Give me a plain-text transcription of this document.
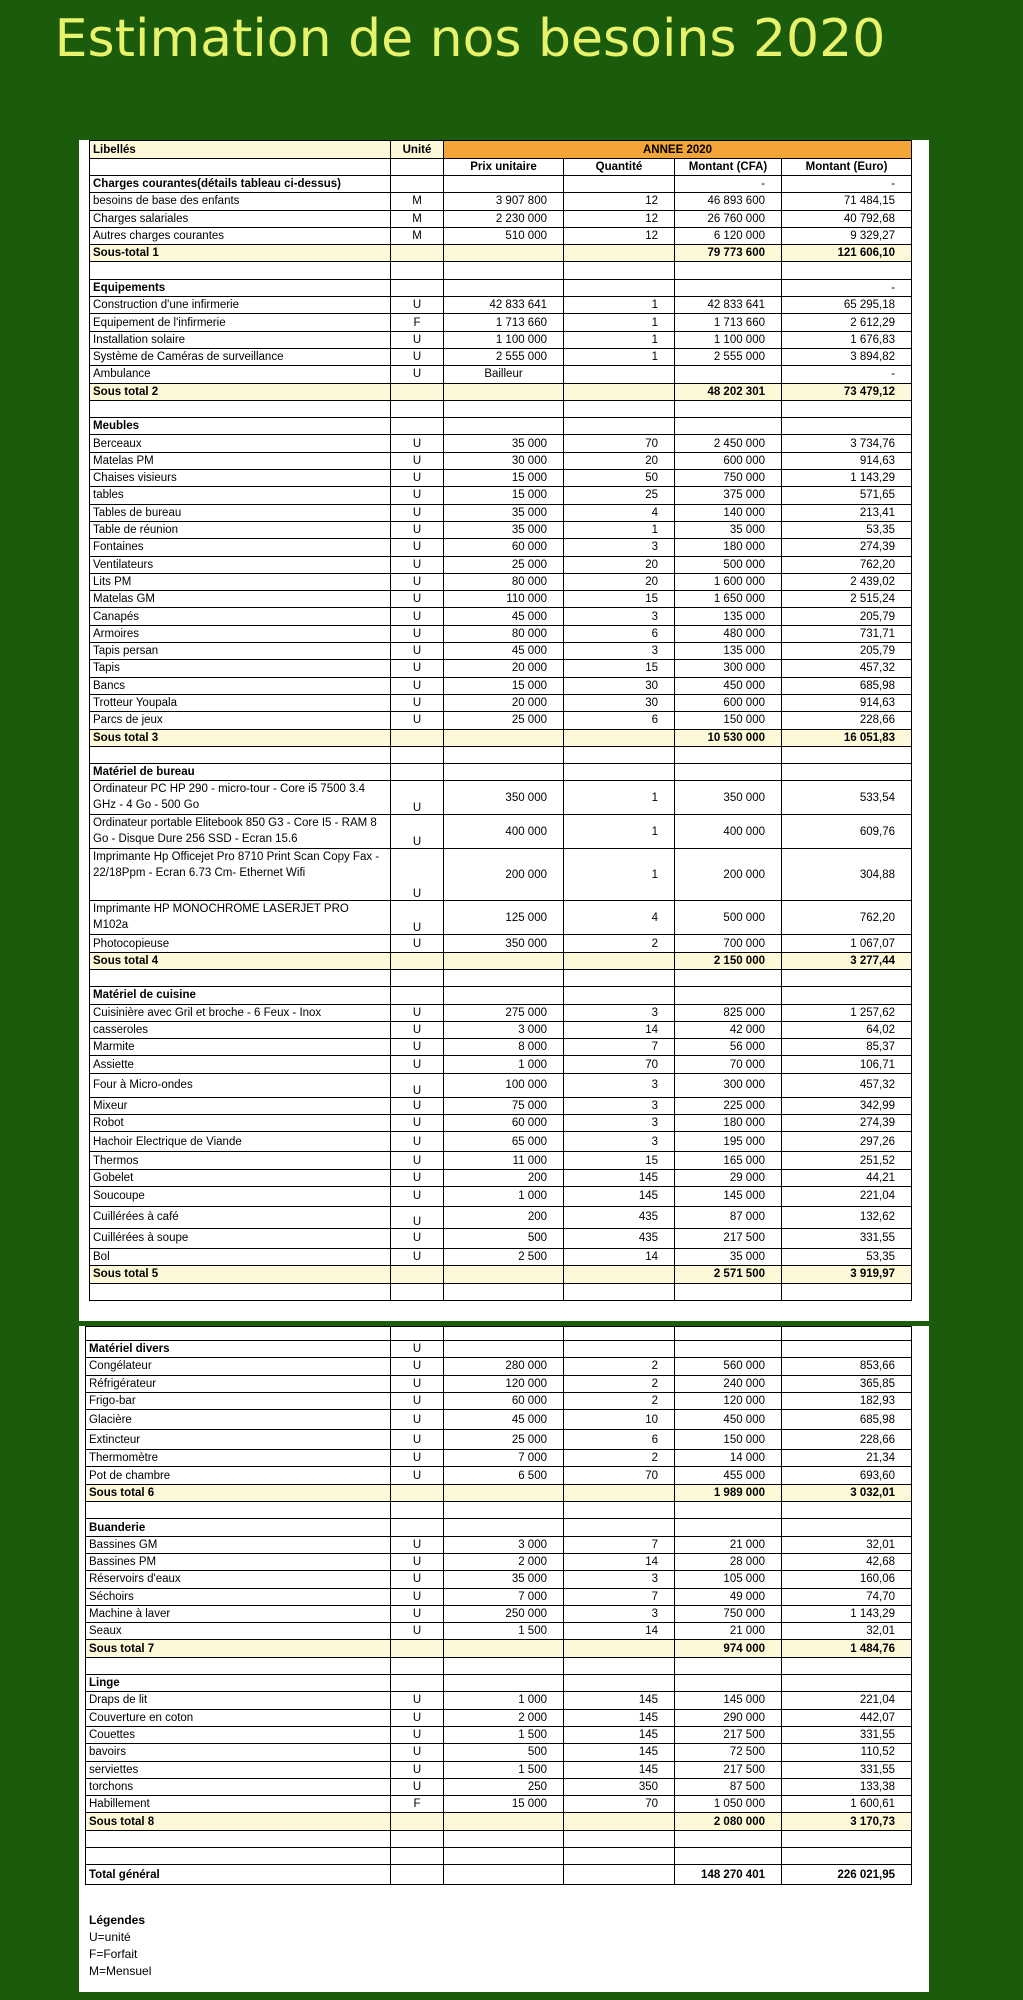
Estimation de nos besoins 2020
Libellés	Unité	ANNEE 2020			
		Prix unitaire	Quantité	Montant (CFA)	Montant (Euro)
Charges courantes(détails tableau ci-dessus)				-	-
besoins de base des enfants	M	3 907 800	12	46 893 600	71 484,15
Charges salariales	M	2 230 000	12	26 760 000	40 792,68
Autres charges courantes	M	510 000	12	6 120 000	9 329,27
Sous-total 1				79 773 600	121 606,10

Equipements					-
Construction d'une infirmerie	U	42 833 641	1	42 833 641	65 295,18
Equipement de l'infirmerie	F	1 713 660	1	1 713 660	2 612,29
Installation solaire	U	1 100 000	1	1 100 000	1 676,83
Système de Caméras de surveillance	U	2 555 000	1	2 555 000	3 894,82
Ambulance	U	Bailleur			-
Sous total 2				48 202 301	73 479,12

Meubles					
Berceaux	U	35 000	70	2 450 000	3 734,76
Matelas PM	U	30 000	20	600 000	914,63
Chaises visieurs	U	15 000	50	750 000	1 143,29
tables	U	15 000	25	375 000	571,65
Tables de bureau	U	35 000	4	140 000	213,41
Table de réunion	U	35 000	1	35 000	53,35
Fontaines	U	60 000	3	180 000	274,39
Ventilateurs	U	25 000	20	500 000	762,20
Lits PM	U	80 000	20	1 600 000	2 439,02
Matelas GM	U	110 000	15	1 650 000	2 515,24
Canapés	U	45 000	3	135 000	205,79
Armoires	U	80 000	6	480 000	731,71
Tapis persan	U	45 000	3	135 000	205,79
Tapis	U	20 000	15	300 000	457,32
Bancs	U	15 000	30	450 000	685,98
Trotteur Youpala	U	20 000	30	600 000	914,63
Parcs de jeux	U	25 000	6	150 000	228,66
Sous total 3				10 530 000	16 051,83

Matériel de bureau					
Ordinateur PC HP 290 - micro-tour - Core i5 7500 3.4 GHz - 4 Go - 500 Go	U	350 000	1	350 000	533,54
Ordinateur portable Elitebook 850 G3 - Core I5 - RAM 8 Go - Disque Dure 256 SSD - Ecran 15.6	U	400 000	1	400 000	609,76
Imprimante Hp Officejet Pro 8710 Print Scan Copy Fax - 22/18Ppm - Ecran 6.73 Cm- Ethernet Wifi	U	200 000	1	200 000	304,88
Imprimante HP MONOCHROME LASERJET PRO M102a	U	125 000	4	500 000	762,20
Photocopieuse	U	350 000	2	700 000	1 067,07
Sous total 4				2 150 000	3 277,44

Matériel de cuisine					
Cuisinière avec Gril et broche - 6 Feux - Inox	U	275 000	3	825 000	1 257,62
casseroles	U	3 000	14	42 000	64,02
Marmite	U	8 000	7	56 000	85,37
Assiette	U	1 000	70	70 000	106,71
Four à Micro-ondes	U	100 000	3	300 000	457,32
Mixeur	U	75 000	3	225 000	342,99
Robot	U	60 000	3	180 000	274,39
Hachoir Electrique de Viande	U	65 000	3	195 000	297,26
Thermos	U	11 000	15	165 000	251,52
Gobelet	U	200	145	29 000	44,21
Soucoupe	U	1 000	145	145 000	221,04
Cuillérées à café	U	200	435	87 000	132,62
Cuillérées à soupe	U	500	435	217 500	331,55
Bol	U	2 500	14	35 000	53,35
Sous total 5				2 571 500	3 919,97

Matériel divers	U				
Congélateur	U	280 000	2	560 000	853,66
Réfrigérateur	U	120 000	2	240 000	365,85
Frigo-bar	U	60 000	2	120 000	182,93
Glacière	U	45 000	10	450 000	685,98
Extincteur	U	25 000	6	150 000	228,66
Thermomètre	U	7 000	2	14 000	21,34
Pot de chambre	U	6 500	70	455 000	693,60
Sous total 6				1 989 000	3 032,01

Buanderie					
Bassines GM	U	3 000	7	21 000	32,01
Bassines PM	U	2 000	14	28 000	42,68
Réservoirs d'eaux	U	35 000	3	105 000	160,06
Séchoirs	U	7 000	7	49 000	74,70
Machine à laver	U	250 000	3	750 000	1 143,29
Seaux	U	1 500	14	21 000	32,01
Sous total 7				974 000	1 484,76

Linge					
Draps de lit	U	1 000	145	145 000	221,04
Couverture en coton	U	2 000	145	290 000	442,07
Couettes	U	1 500	145	217 500	331,55
bavoirs	U	500	145	72 500	110,52
serviettes	U	1 500	145	217 500	331,55
torchons	U	250	350	87 500	133,38
Habillement	F	15 000	70	1 050 000	1 600,61
Sous total 8				2 080 000	3 170,73

Total général				148 270 401	226 021,95
Légendes
U=unité
F=Forfait
M=Mensuel
